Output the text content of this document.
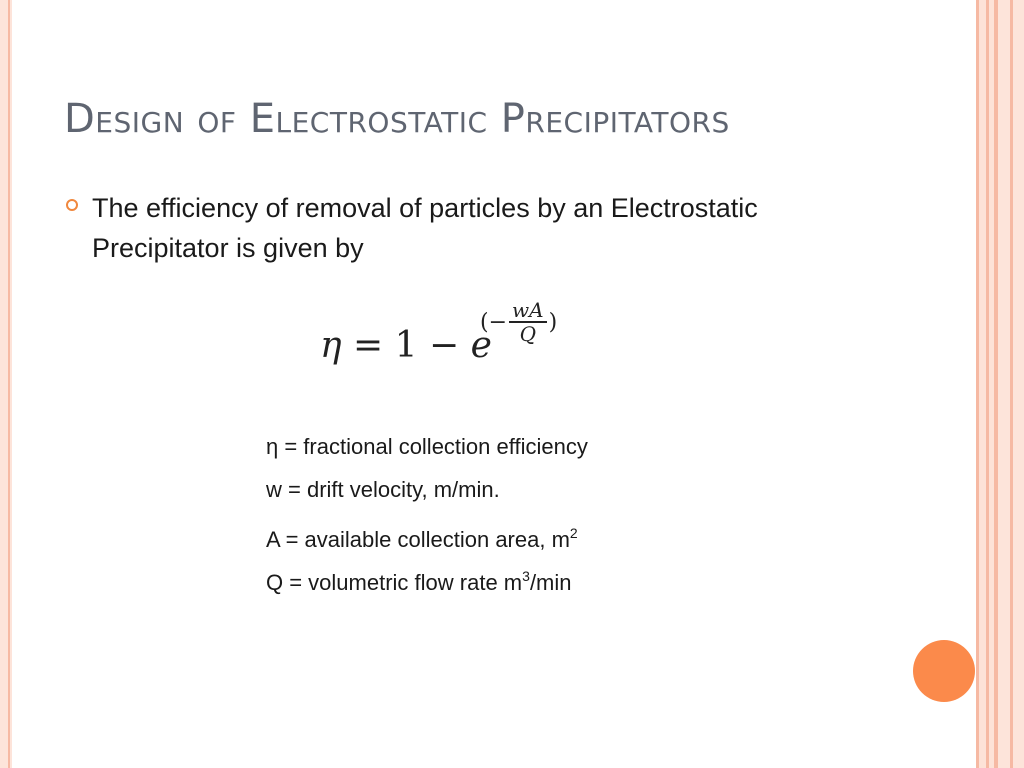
Design of Electrostatic Precipitators
The efficiency of removal of particles by an Electrostatic Precipitator is given by
η = 1 − e
(− $\frac{wA}{Q}$ )
η = fractional collection efficiency
w = drift velocity, m/min.
A = available collection area, $m^2$
Q = volumetric flow rate $m^3/\min$
